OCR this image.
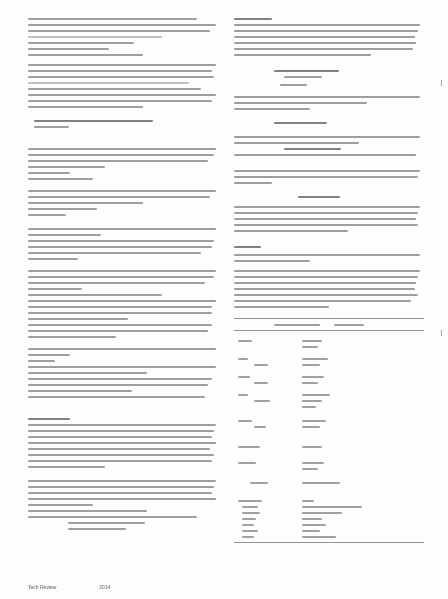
Tech Review	2014
